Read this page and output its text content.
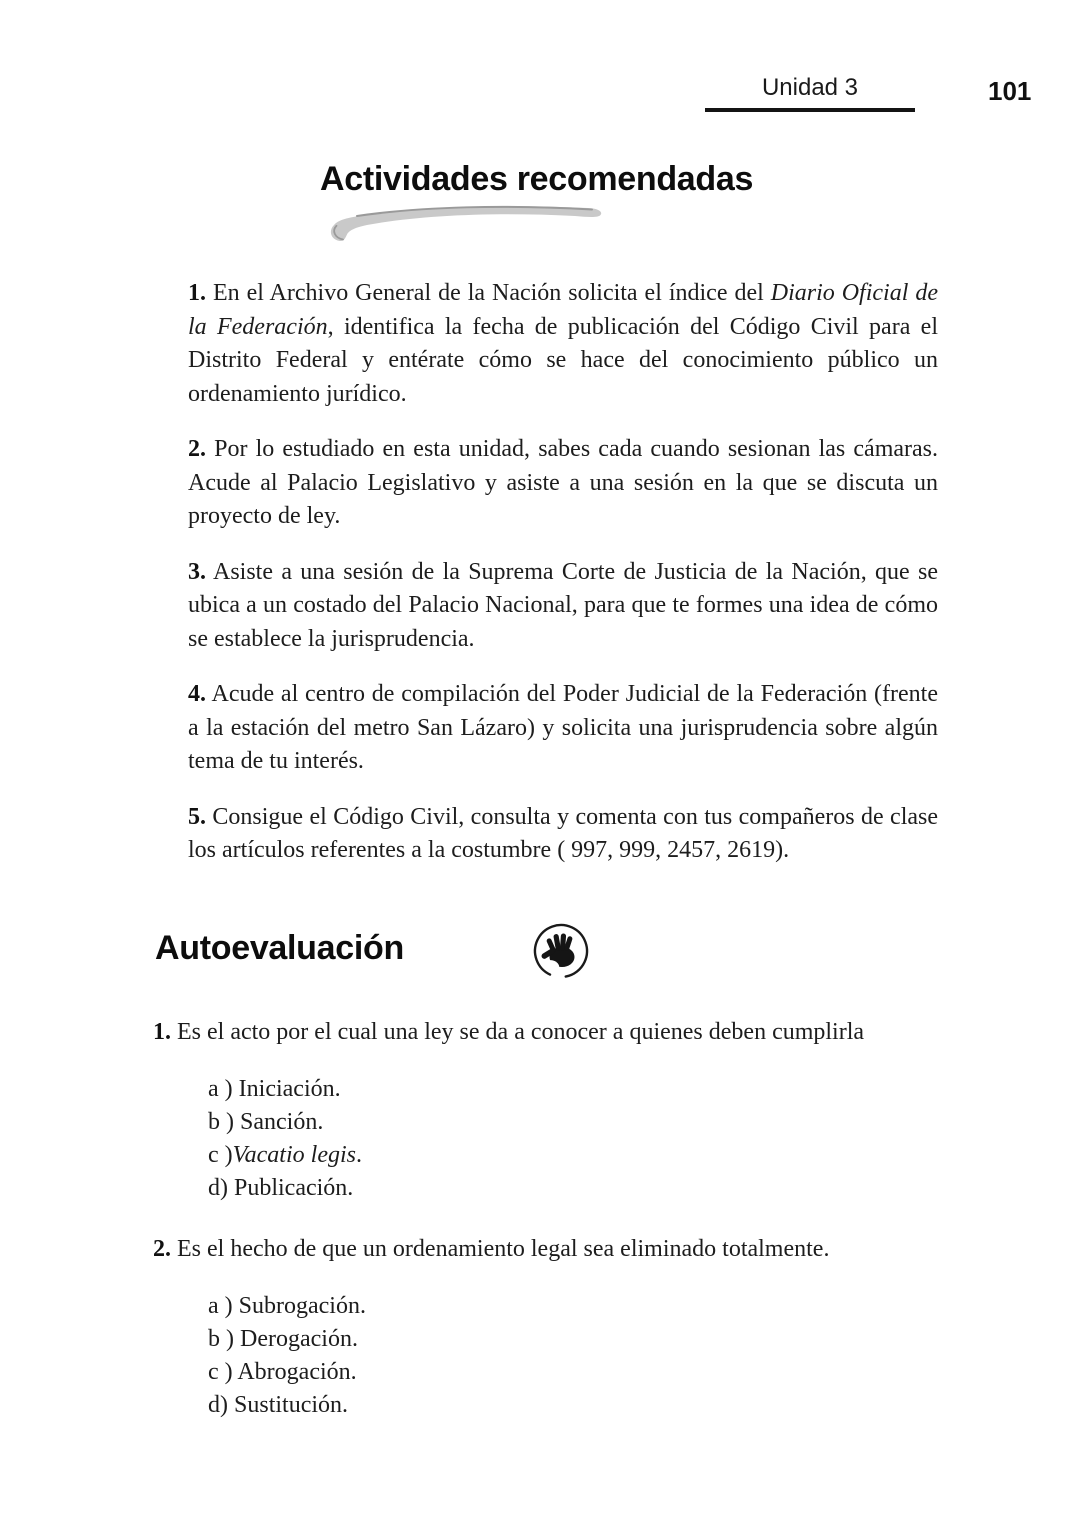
Unidad 3	101
Actividades recomendadas

1. En el Archivo General de la Nación solicita el índice del Diario Oficial de la Federación, identifica la fecha de publicación del Código Civil para el Distrito Federal y entérate cómo se hace del conocimiento público un ordenamiento jurídico.

2. Por lo estudiado en esta unidad, sabes cada cuando sesionan las cámaras. Acude al Palacio Legislativo y asiste a una sesión en la que se discuta un proyecto de ley.

3. Asiste a una sesión de la Suprema Corte de Justicia de la Nación, que se ubica a un costado del Palacio Nacional, para que te formes una idea de cómo se establece la jurisprudencia.

4. Acude al centro de compilación del Poder Judicial de la Federación (frente a la estación del metro San Lázaro) y solicita una jurisprudencia sobre algún tema de tu interés.

5. Consigue el Código Civil, consulta y comenta con tus compañeros de clase los artículos referentes a la costumbre ( 997, 999, 2457, 2619).

Autoevaluación

1. Es el acto por el cual una ley se da a conocer a quienes deben cumplirla

a ) Iniciación.
b ) Sanción.
c )Vacatio legis.
d) Publicación.

2. Es el hecho de que un ordenamiento legal sea eliminado totalmente.

a ) Subrogación.
b ) Derogación.
c ) Abrogación.
d) Sustitución.
